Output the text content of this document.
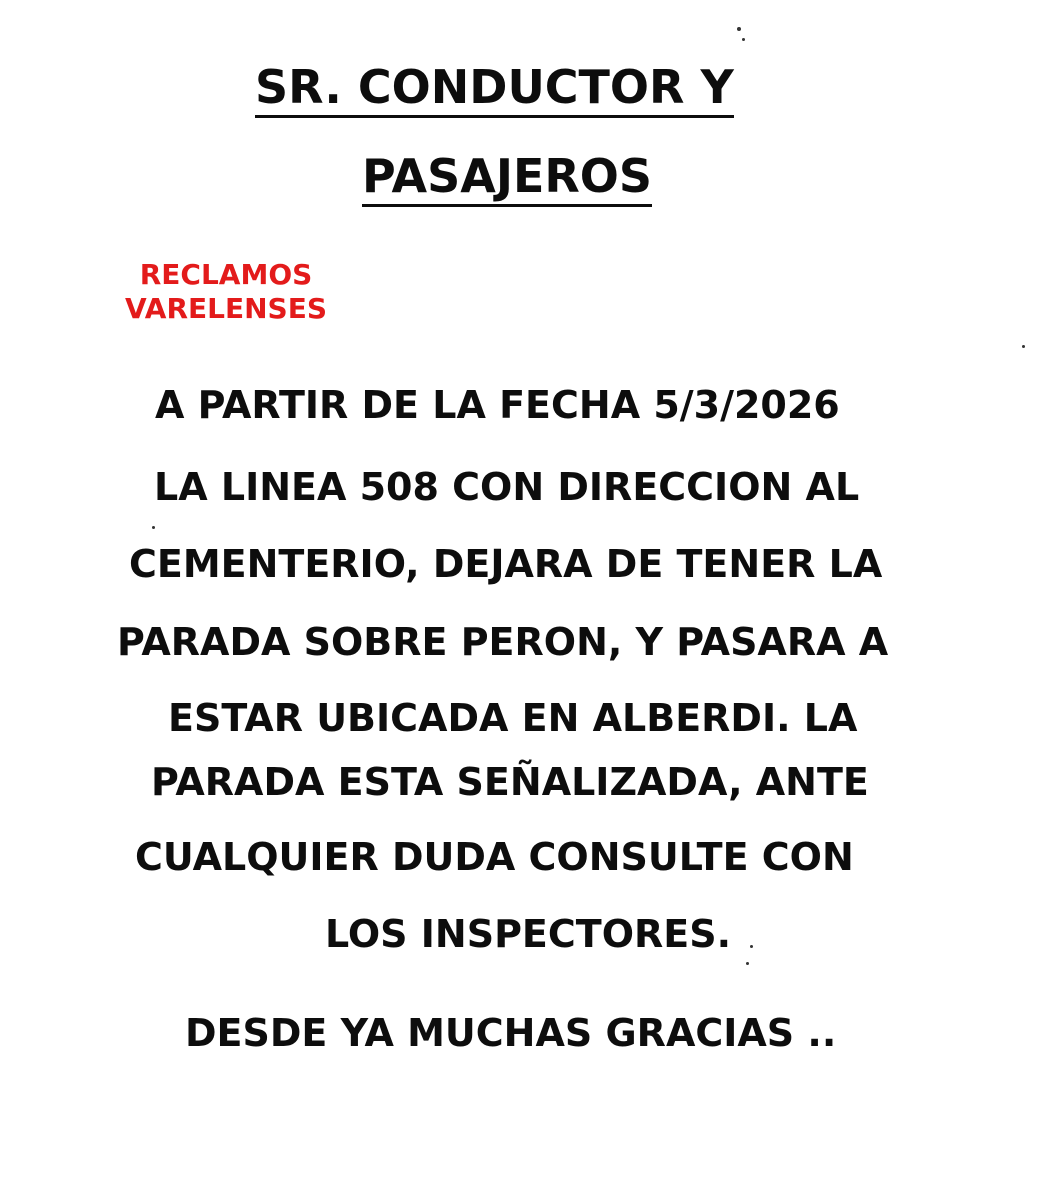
SR. CONDUCTOR Y
PASAJEROS
RECLAMOS
VARELENSES
A PARTIR DE LA FECHA 5/3/2026
LA LINEA 508 CON DIRECCION AL
CEMENTERIO, DEJARA DE TENER LA
PARADA SOBRE PERON, Y PASARA A
ESTAR UBICADA EN ALBERDI. LA
PARADA ESTA SEÑALIZADA, ANTE
CUALQUIER DUDA CONSULTE CON
LOS INSPECTORES.
DESDE YA MUCHAS GRACIAS ..
